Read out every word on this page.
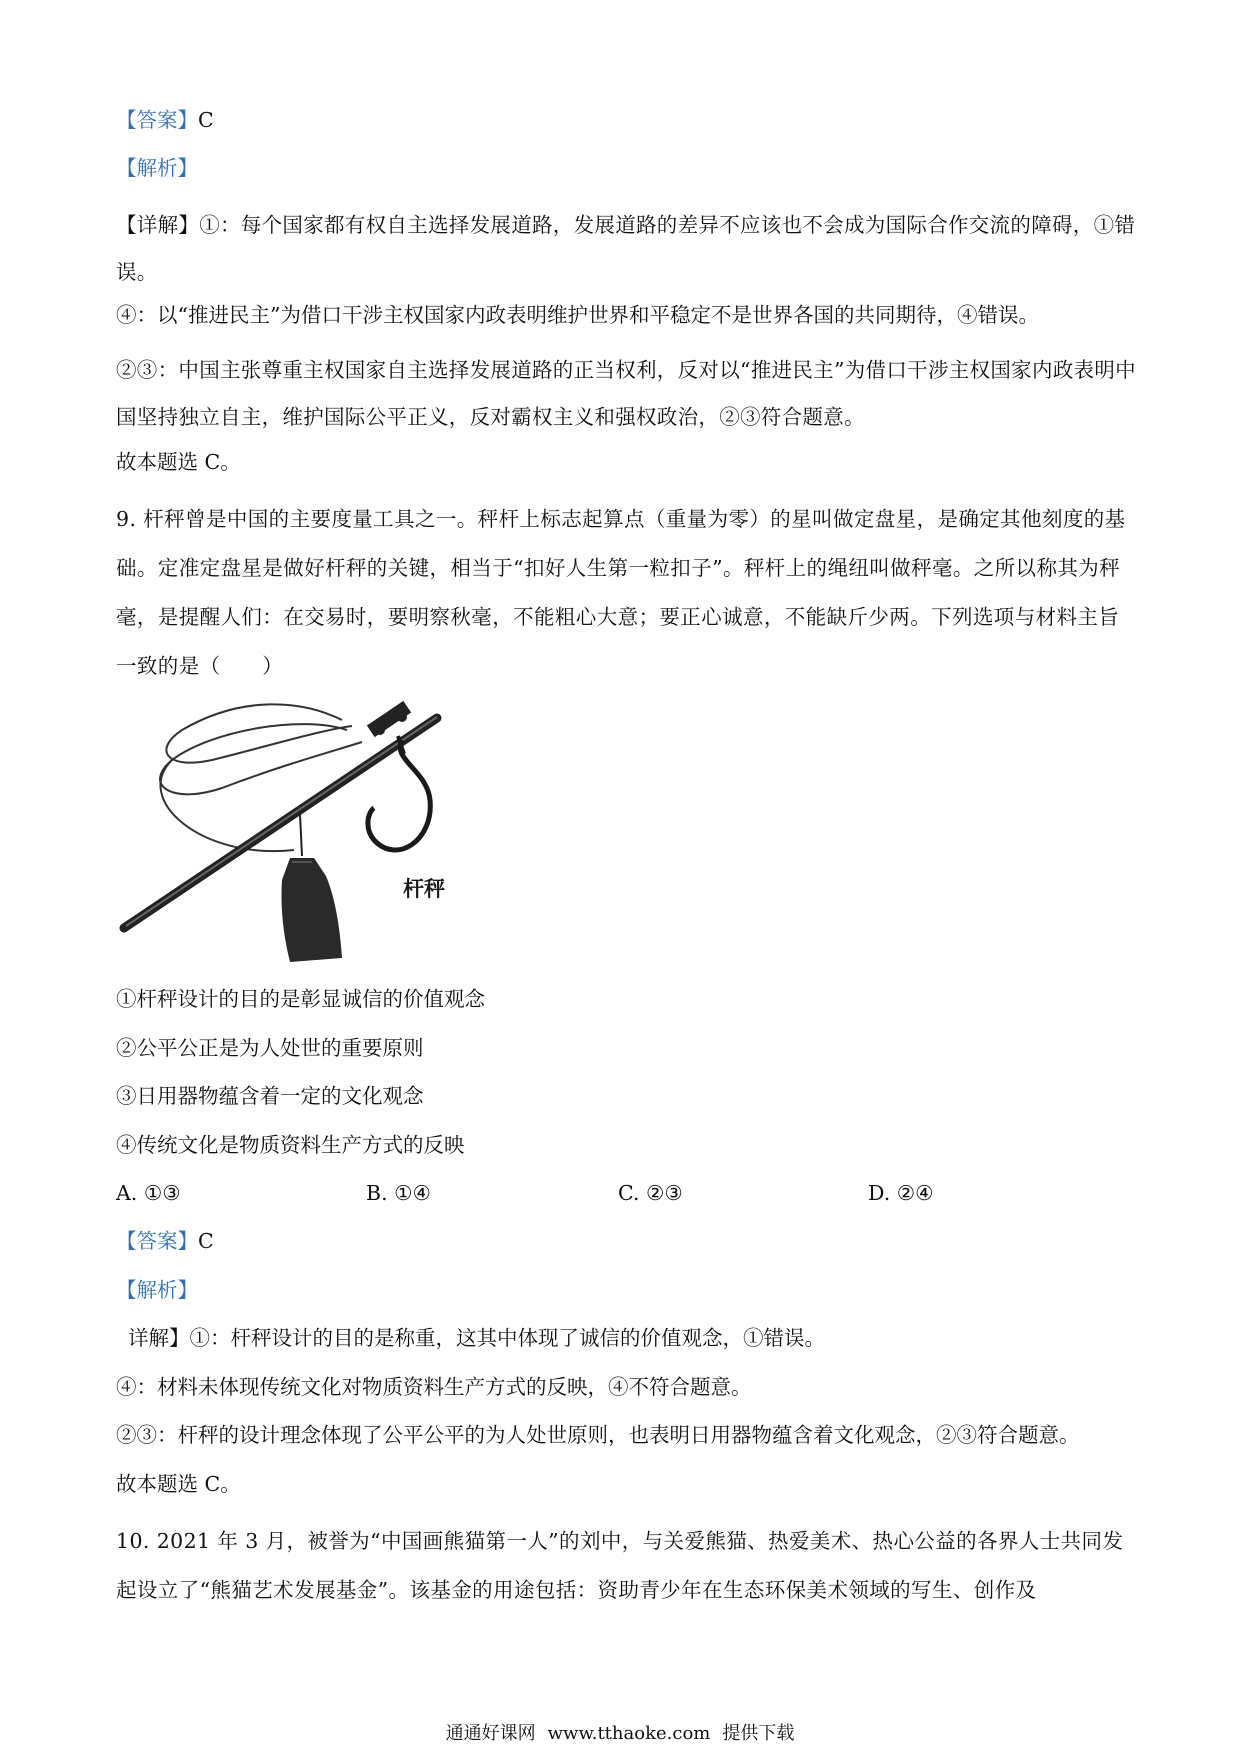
【答案】C
【解析】
【详解】①：每个国家都有权自主选择发展道路，发展道路的差异不应该也不会成为国际合作交流的障碍，①错误。
④：以“推进民主”为借口干涉主权国家内政表明维护世界和平稳定不是世界各国的共同期待，④错误。
②③：中国主张尊重主权国家自主选择发展道路的正当权利，反对以“推进民主”为借口干涉主权国家内政表明中国坚持独立自主，维护国际公平正义，反对霸权主义和强权政治，②③符合题意。
故本题选 C。
9. 杆秤曾是中国的主要度量工具之一。秤杆上标志起算点（重量为零）的星叫做定盘星，是确定其他刻度的基础。定准定盘星是做好杆秤的关键，相当于“扣好人生第一粒扣子”。秤杆上的绳纽叫做秤毫。之所以称其为秤毫，是提醒人们：在交易时，要明察秋毫，不能粗心大意；要正心诚意，不能缺斤少两。下列选项与材料主旨一致的是（　　）
杆秤
①杆秤设计的目的是彰显诚信的价值观念
②公平公正是为人处世的重要原则
③日用器物蕴含着一定的文化观念
④传统文化是物质资料生产方式的反映
A. ①③	B. ①④	C. ②③	D. ②④
【答案】C
【解析】
详解】①：杆秤设计的目的是称重，这其中体现了诚信的价值观念，①错误。
④：材料未体现传统文化对物质资料生产方式的反映，④不符合题意。
②③：杆秤的设计理念体现了公平公平的为人处世原则，也表明日用器物蕴含着文化观念，②③符合题意。
故本题选 C。
10. 2021 年 3 月，被誉为“中国画熊猫第一人”的刘中，与关爱熊猫、热爱美术、热心公益的各界人士共同发起设立了“熊猫艺术发展基金”。该基金的用途包括：资助青少年在生态环保美术领域的写生、创作及
通通好课网 www.tthaoke.com 提供下载
